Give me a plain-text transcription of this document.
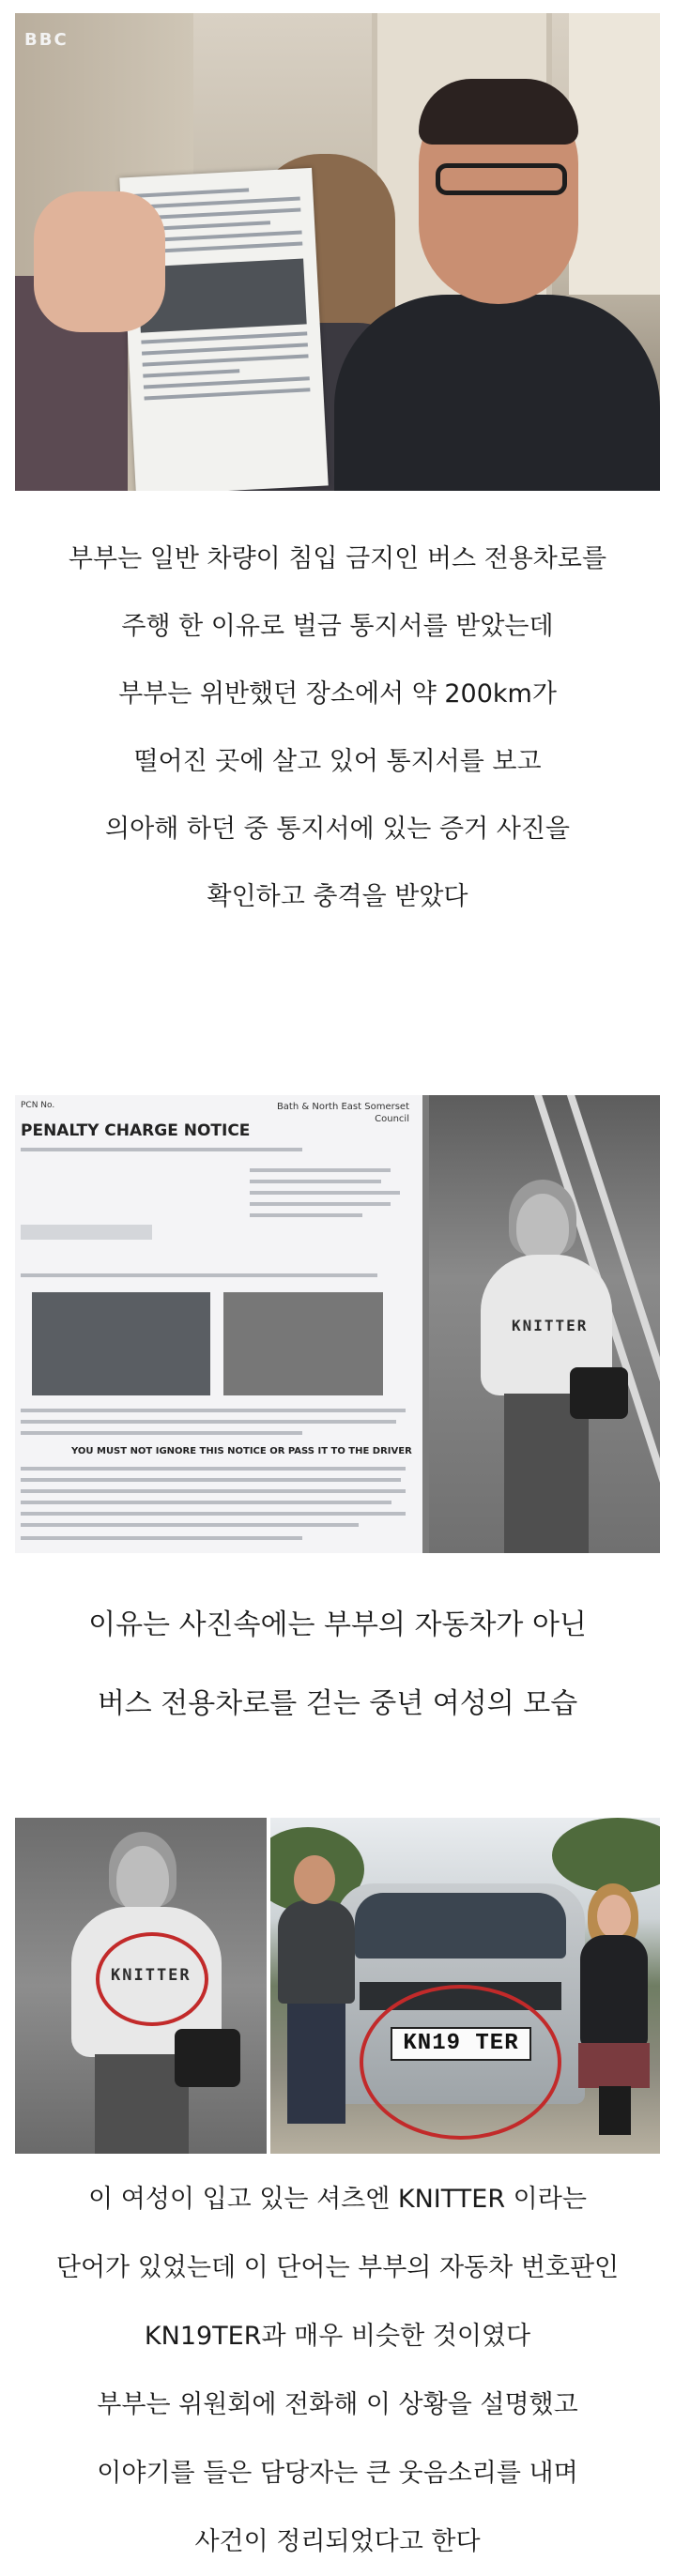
BBC
부부는 일반 차량이 침입 금지인 버스 전용차로를
주행 한 이유로 벌금 통지서를 받았는데
부부는 위반했던 장소에서 약 200km가
떨어진 곳에 살고 있어 통지서를 보고
의아해 하던 중 통지서에 있는 증거 사진을
확인하고 충격을 받았다
PCN No.
PENALTY CHARGE NOTICE
Bath & North East Somerset Council
YOU MUST NOT IGNORE THIS NOTICE OR PASS IT TO THE DRIVER
KNITTER
이유는 사진속에는 부부의 자동차가 아닌
버스 전용차로를 걷는 중년 여성의 모습
KNITTER
KN19 TER
이 여성이 입고 있는 셔츠엔 KNITTER 이라는
단어가 있었는데 이 단어는 부부의 자동차 번호판인
KN19TER과 매우 비슷한 것이였다
부부는 위원회에 전화해 이 상황을 설명했고
이야기를 들은 담당자는 큰 웃음소리를 내며
사건이 정리되었다고 한다
